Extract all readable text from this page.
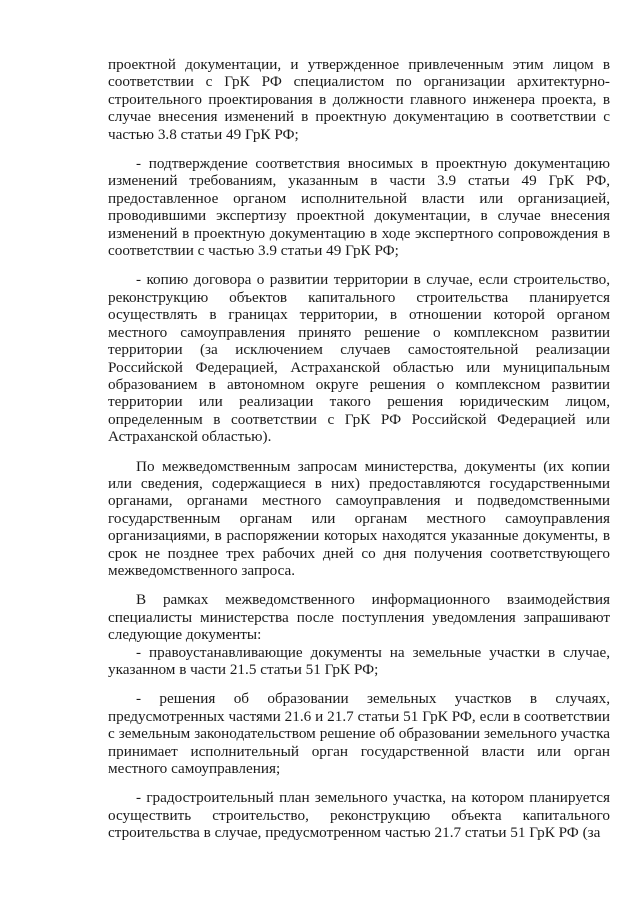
проектной документации, и утвержденное привлеченным этим лицом в соответствии с ГрК РФ специалистом по организации архитектурно-строительного проектирования в должности главного инженера проекта, в случае внесения изменений в проектную документацию в соответствии с частью 3.8 статьи 49 ГрК РФ;

- подтверждение соответствия вносимых в проектную документацию изменений требованиям, указанным в части 3.9 статьи 49 ГрК РФ, предоставленное органом исполнительной власти или организацией, проводившими экспертизу проектной документации, в случае внесения изменений в проектную документацию в ходе экспертного сопровождения в соответствии с частью 3.9 статьи 49 ГрК РФ;

- копию договора о развитии территории в случае, если строительство, реконструкцию объектов капитального строительства планируется осуществлять в границах территории, в отношении которой органом местного самоуправления принято решение о комплексном развитии территории (за исключением случаев самостоятельной реализации Российской Федерацией, Астраханской областью или муниципальным образованием в автономном округе решения о комплексном развитии территории или реализации такого решения юридическим лицом, определенным в соответствии с ГрК РФ Российской Федерацией или Астраханской областью).

По межведомственным запросам министерства, документы (их копии или сведения, содержащиеся в них) предоставляются государственными органами, органами местного самоуправления и подведомственными государственным органам или органам местного самоуправления организациями, в распоряжении которых находятся указанные документы, в срок не позднее трех рабочих дней со дня получения соответствующего межведомственного запроса.

В рамках межведомственного информационного взаимодействия специалисты министерства после поступления уведомления запрашивают следующие документы:

- правоустанавливающие документы на земельные участки в случае, указанном в части 21.5 статьи 51 ГрК РФ;

- решения об образовании земельных участков в случаях, предусмотренных частями 21.6 и 21.7 статьи 51 ГрК РФ, если в соответствии с земельным законодательством решение об образовании земельного участка принимает исполнительный орган государственной власти или орган местного самоуправления;

- градостроительный план земельного участка, на котором планируется осуществить строительство, реконструкцию объекта капитального строительства в случае, предусмотренном частью 21.7 статьи 51 ГрК РФ (за
